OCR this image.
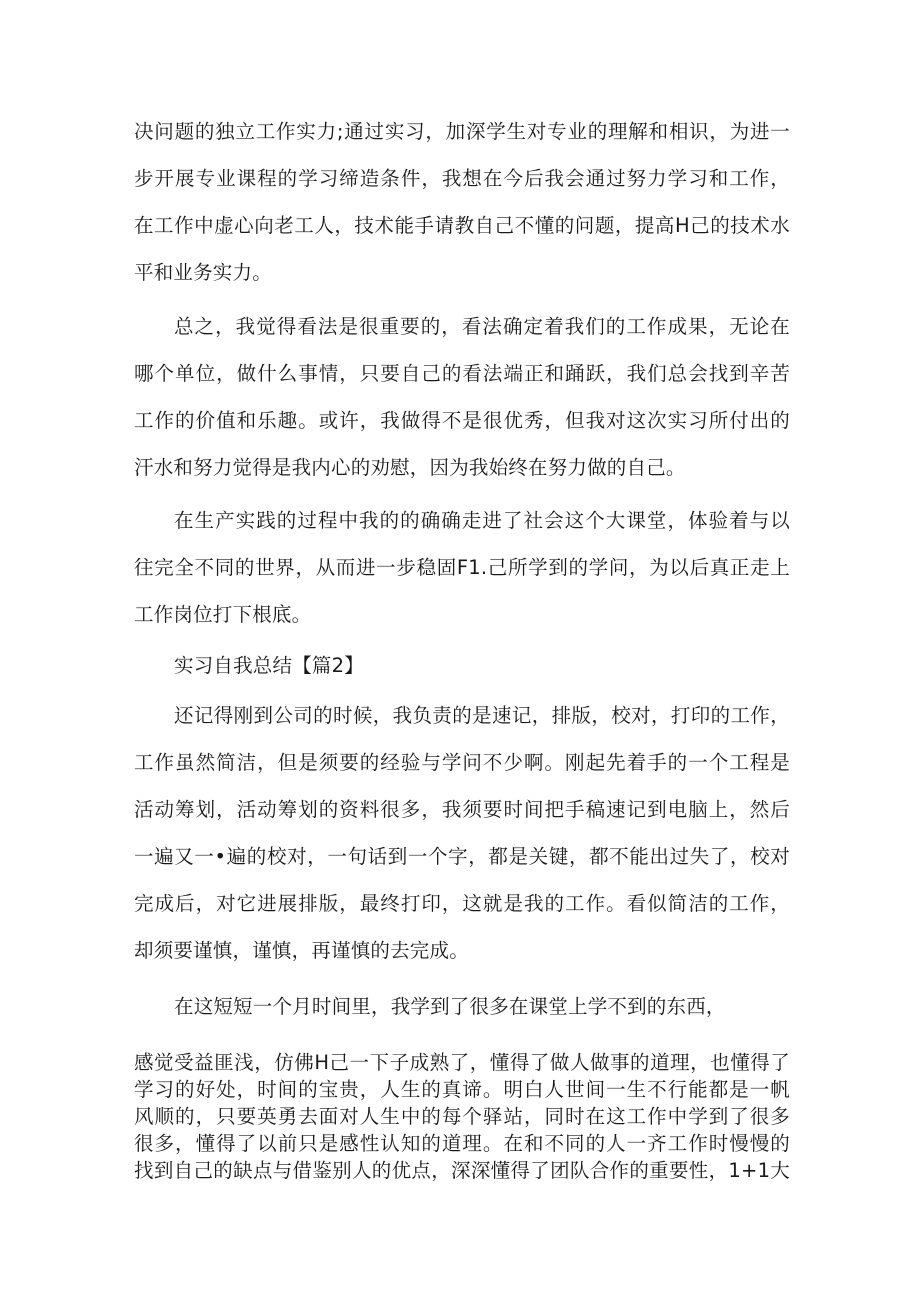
决问题的独立工作实力;通过实习，加深学生对专业的理解和相识，为进一
步开展专业课程的学习缔造条件，我想在今后我会通过努力学习和工作，
在工作中虚心向老工人，技术能手请教自己不懂的问题，提高H己的技术水
平和业务实力。
总之，我觉得看法是很重要的，看法确定着我们的工作成果，无论在
哪个单位，做什么事情，只要自己的看法端正和踊跃，我们总会找到辛苦
工作的价值和乐趣。或许，我做得不是很优秀，但我对这次实习所付出的
汗水和努力觉得是我内心的劝慰，因为我始终在努力做的自己。
在生产实践的过程中我的的确确走进了社会这个大课堂，体验着与以
往完全不同的世界，从而进一步稳固F1.己所学到的学问，为以后真正走上
工作岗位打下根底。
实习自我总结【篇2】
还记得刚到公司的时候，我负责的是速记，排版，校对，打印的工作，
工作虽然简洁，但是须要的经验与学问不少啊。刚起先着手的一个工程是
活动筹划，活动筹划的资料很多，我须要时间把手稿速记到电脑上，然后
一遍又一•遍的校对，一句话到一个字，都是关键，都不能出过失了，校对
完成后，对它进展排版，最终打印，这就是我的工作。看似简洁的工作，
却须要谨慎，谨慎，再谨慎的去完成。
在这短短一个月时间里，我学到了很多在课堂上学不到的东西，
感觉受益匪浅，仿佛H己一下子成熟了，懂得了做人做事的道理，也懂得了
学习的好处，时间的宝贵，人生的真谛。明白人世间一生不行能都是一帆
风顺的，只要英勇去面对人生中的每个驿站，同时在这工作中学到了很多
很多，懂得了以前只是感性认知的道理。在和不同的人一齐工作时慢慢的
找到自己的缺点与借鉴别人的优点，深深懂得了团队合作的重要性，1+1大
